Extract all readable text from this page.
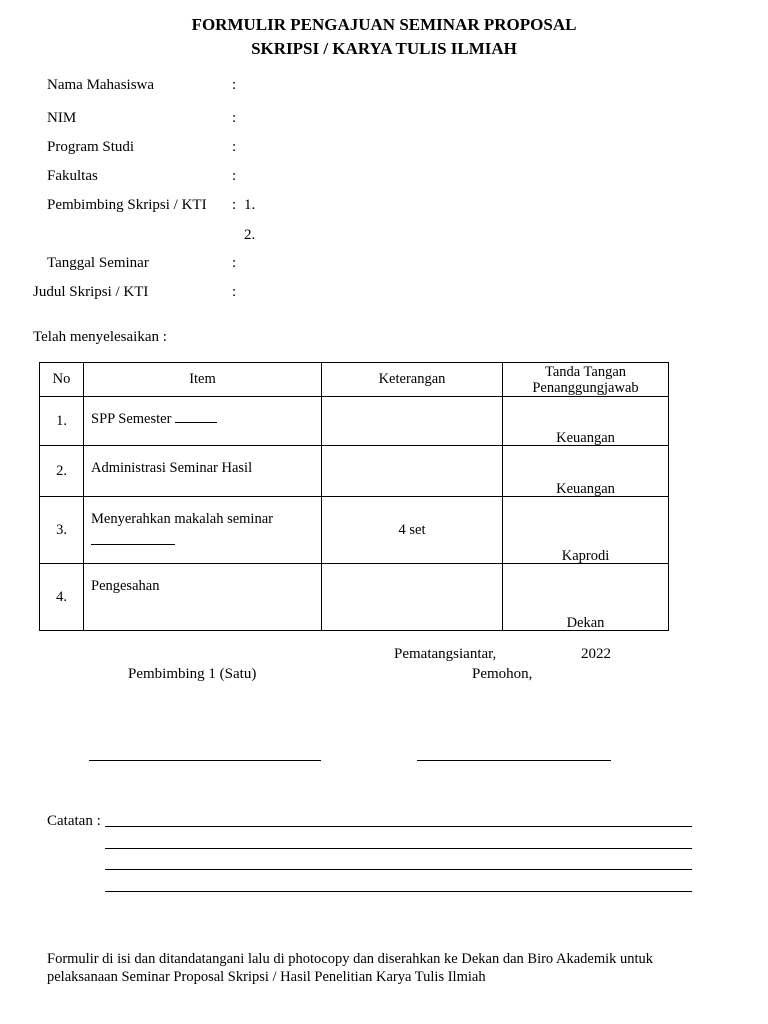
FORMULIR PENGAJUAN SEMINAR PROPOSAL
SKRIPSI / KARYA TULIS ILMIAH
Nama Mahasiswa	:
NIM	:
Program Studi	:
Fakultas	:
Pembimbing Skripsi / KTI : 1.
2.
Tanggal Seminar	:
Judul Skripsi / KTI	:
Telah menyelesaikan :
No	Item	Keterangan	Tanda Tangan
Penanggungjawab

1.	SPP Semester		Keuangan

2.	Administrasi Seminar Hasil		Keuangan

3.	Menyerahkan makalah seminar	4 set	Kaprodi

4.	Pengesahan		Dekan
Pematangsiantar,	2022
Pembimbing 1 (Satu)	Pemohon,
Catatan :
Formulir di isi dan ditandatangani lalu di photocopy dan diserahkan ke Dekan dan Biro Akademik untuk
pelaksanaan Seminar Proposal Skripsi / Hasil Penelitian Karya Tulis Ilmiah
